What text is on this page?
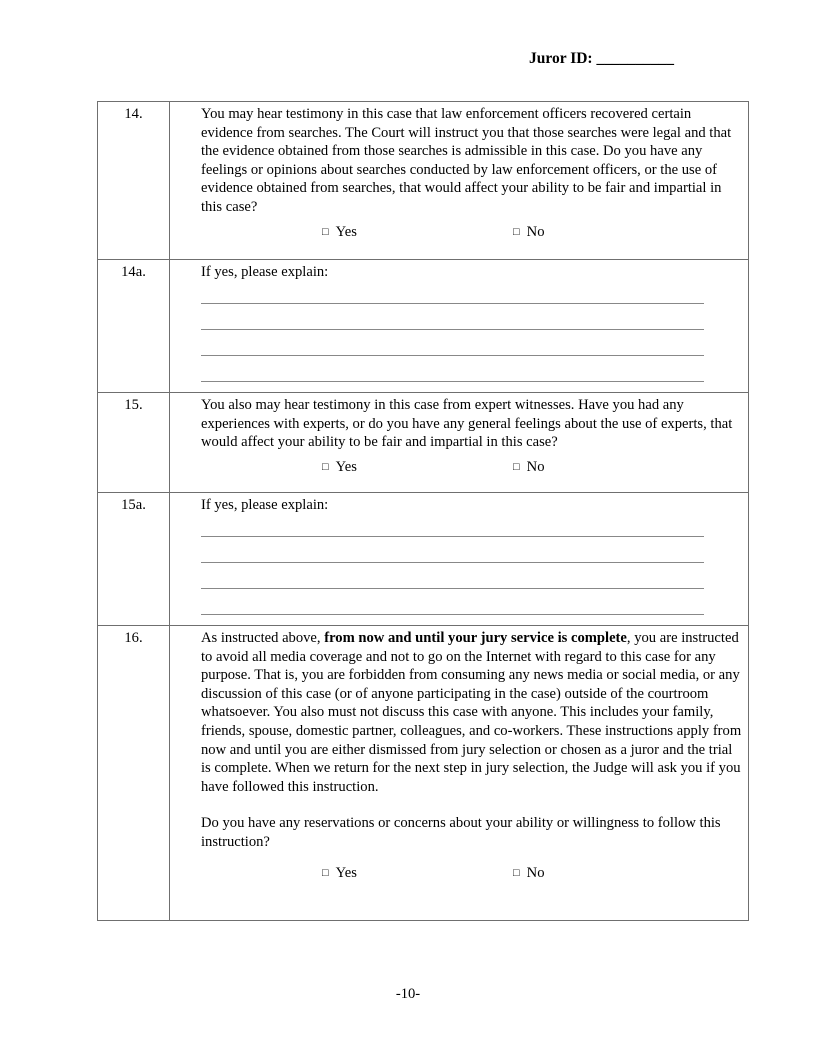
Juror ID: __________
14.	You may hear testimony in this case that law enforcement officers recovered certain evidence from searches. The Court will instruct you that those searches were legal and that the evidence obtained from those searches is admissible in this case. Do you have any feelings or opinions about searches conducted by law enforcement officers, or the use of evidence obtained from searches, that would affect your ability to be fair and impartial in this case?
□ Yes □ No

14a.	If yes, please explain:

15.	You also may hear testimony in this case from expert witnesses. Have you had any experiences with experts, or do you have any general feelings about the use of experts, that would affect your ability to be fair and impartial in this case?
□ Yes □ No

15a.	If yes, please explain:

16.	As instructed above, from now and until your jury service is complete, you are instructed to avoid all media coverage and not to go on the Internet with regard to this case for any purpose. That is, you are forbidden from consuming any news media or social media, or any discussion of this case (or of anyone participating in the case) outside of the courtroom whatsoever. You also must not discuss this case with anyone. This includes your family, friends, spouse, domestic partner, colleagues, and co-workers. These instructions apply from now and until you are either dismissed from jury selection or chosen as a juror and the trial is complete. When we return for the next step in jury selection, the Judge will ask you if you have followed this instruction.
Do you have any reservations or concerns about your ability or willingness to follow this instruction?
□ Yes □ No
-10-
